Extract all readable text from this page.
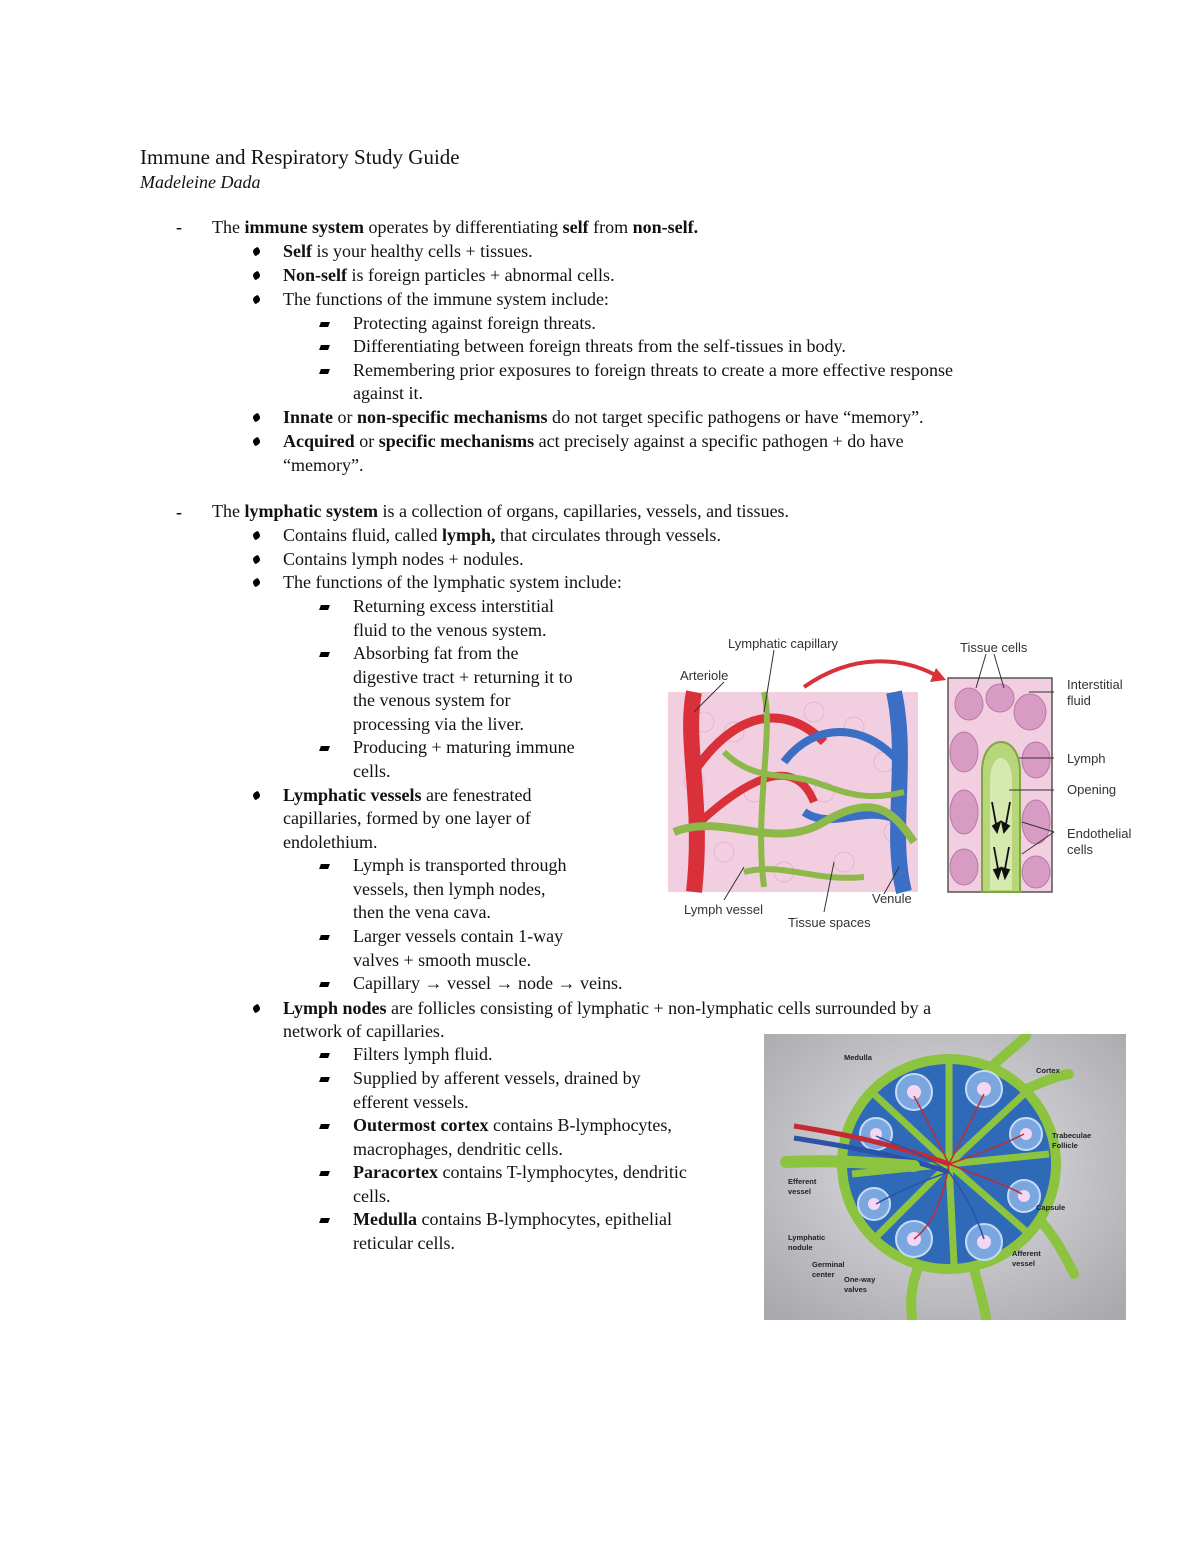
Immune and Respiratory Study Guide
Madeleine Dada
- The immune system operates by differentiating self from non-self.
Self is your healthy cells + tissues.
Non-self is foreign particles + abnormal cells.
The functions of the immune system include:
Protecting against foreign threats.
Differentiating between foreign threats from the self-tissues in body.
Remembering prior exposures to foreign threats to create a more effective response
against it.
Innate or non-specific mechanisms do not target specific pathogens or have “memory”.
Acquired or specific mechanisms act precisely against a specific pathogen + do have
“memory”.
- The lymphatic system is a collection of organs, capillaries, vessels, and tissues.
Contains fluid, called lymph, that circulates through vessels.
Contains lymph nodes + nodules.
The functions of the lymphatic system include:
Returning excess interstitial
fluid to the venous system.
Absorbing fat from the
digestive tract + returning it to
the venous system for
processing via the liver.
Producing + maturing immune
cells.
Lymphatic vessels are fenestrated
capillaries, formed by one layer of
endolethium.
Lymph is transported through
vessels, then lymph nodes,
then the vena cava.
Larger vessels contain 1-way
valves + smooth muscle.
Capillary → vessel → node → veins.
Lymph nodes are follicles consisting of lymphatic + non-lymphatic cells surrounded by a
network of capillaries.
Filters lymph fluid.
Supplied by afferent vessels, drained by
efferent vessels.
Outermost cortex contains B-lymphocytes,
macrophages, dendritic cells.
Paracortex contains T-lymphocytes, dendritic
cells.
Medulla contains B-lymphocytes, epithelial
reticular cells.
Lymphatic capillary
Arteriole
Tissue cells
Interstitial
fluid
Lymph
Opening
Endothelial
cells
Lymph vessel
Tissue spaces
Venule
Medulla
Cortex
Trabeculae
Follicle
Efferent
vessel
Capsule
Lymphatic
nodule
Germinal
center
One-way
valves
Afferent
vessel
